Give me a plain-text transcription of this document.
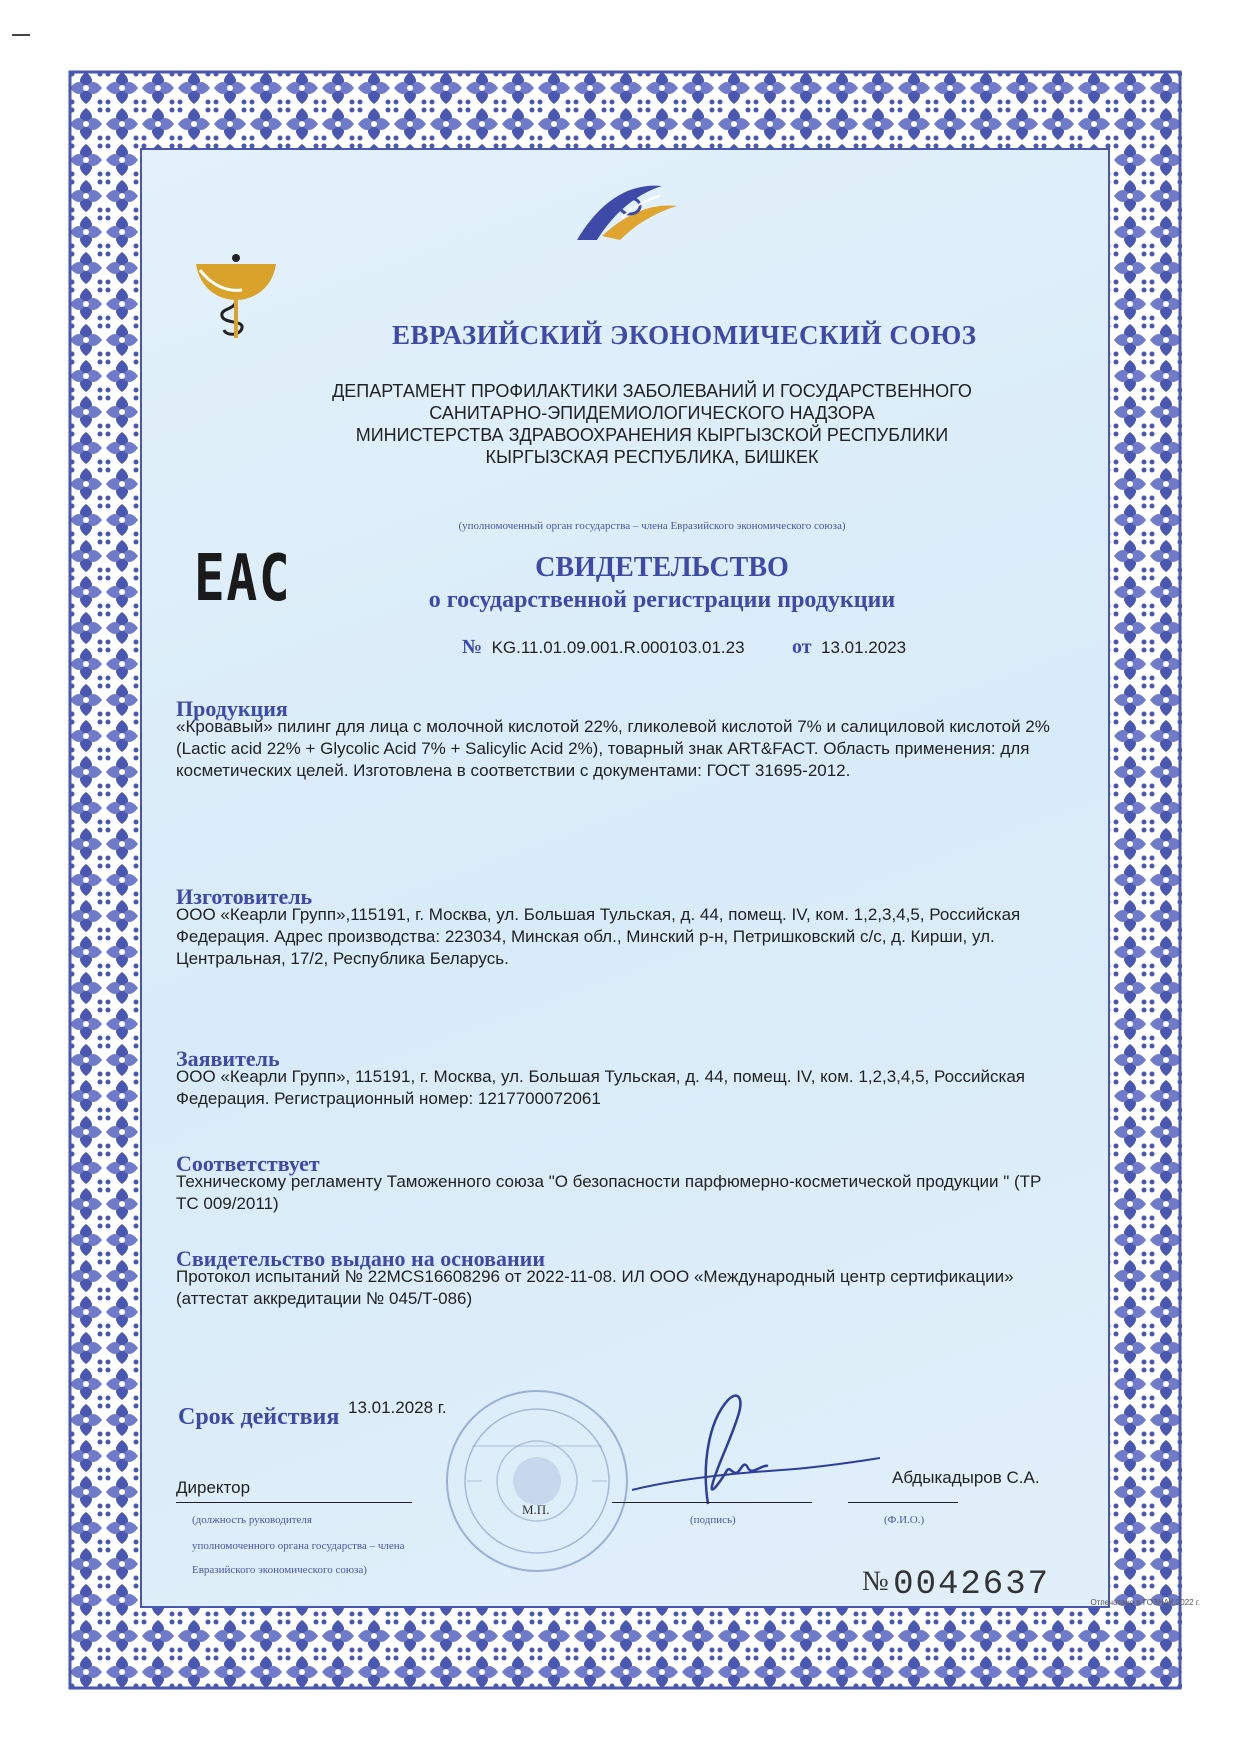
ЕВРАЗИЙСКИЙ ЭКОНОМИЧЕСКИЙ СОЮЗ
ДЕПАРТАМЕНТ ПРОФИЛАКТИКИ ЗАБОЛЕВАНИЙ И ГОСУДАРСТВЕННОГО
САНИТАРНО-ЭПИДЕМИОЛОГИЧЕСКОГО НАДЗОРА
МИНИСТЕРСТВА ЗДРАВООХРАНЕНИЯ КЫРГЫЗСКОЙ РЕСПУБЛИКИ
КЫРГЫЗСКАЯ РЕСПУБЛИКА, БИШКЕК
(уполномоченный орган государства – члена Евразийского экономического союза)
ЕАС	СВИДЕТЕЛЬСТВО
о государственной регистрации продукции
№ KG.11.01.09.001.R.000103.01.23 от 13.01.2023
Продукция
«Кровавый» пилинг для лица с молочной кислотой 22%, гликолевой кислотой 7% и салициловой кислотой 2% (Lactic acid 22% + Glycolic Acid 7% + Salicylic Acid 2%), товарный знак ART&FACT. Область применения: для косметических целей. Изготовлена в соответствии с документами: ГОСТ 31695-2012.
Изготовитель
ООО «Кеарли Групп»,115191, г. Москва, ул. Большая Тульская, д. 44, помещ. IV, ком. 1,2,3,4,5, Российская Федерация. Адрес производства: 223034, Минская обл., Минский р-н, Петришковский с/с, д. Кирши, ул. Центральная, 17/2, Республика Беларусь.
Заявитель
ООО «Кеарли Групп», 115191, г. Москва, ул. Большая Тульская, д. 44, помещ. IV, ком. 1,2,3,4,5, Российская Федерация. Регистрационный номер: 1217700072061
Соответствует
Техническому регламенту Таможенного союза "О безопасности парфюмерно-косметической продукции " (ТР ТС 009/2011)
Свидетельство выдано на основании
Протокол испытаний № 22MCS16608296 от 2022-11-08. ИЛ ООО «Международный центр сертификации» (аттестат аккредитации № 045/Т-086)
Срок действия 13.01.2028 г.
М.П.
Директор
Абдыкадыров С.А.
(должность руководителя
уполномоченного органа государства – члена
Евразийского экономического союза)
(подпись)	(Ф.И.О.)
№ 0042637	Отпечатано в ГОЗНАК 2022 г.
